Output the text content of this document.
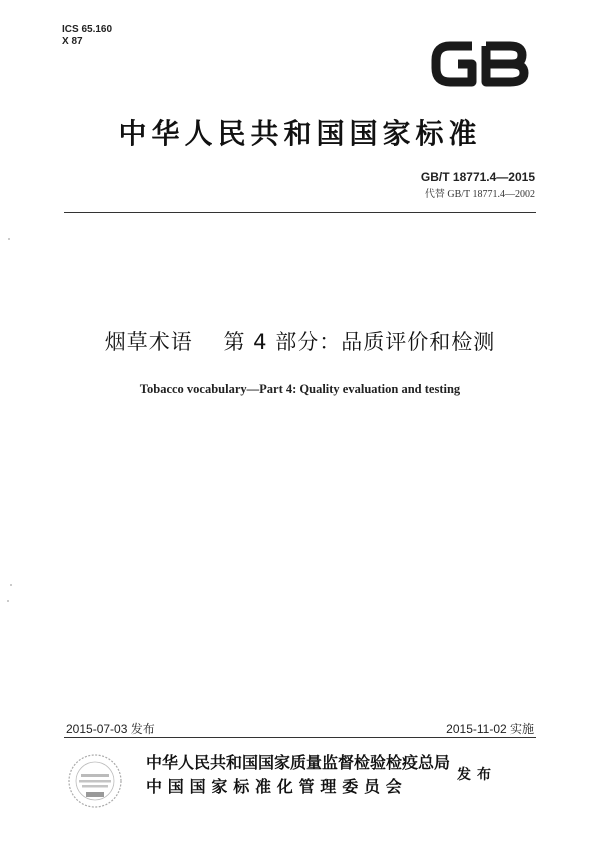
ICS 65.160
X 87
中华人民共和国国家标准
GB/T 18771.4—2015
代替 GB/T 18771.4—2002
烟草术语    第 4 部分：品质评价和检测
Tobacco vocabulary—Part 4: Quality evaluation and testing
2015-07-03 发布	2015-11-02 实施
中华人民共和国国家质量监督检验检疫总局
中国国家标准化管理委员会
发布
